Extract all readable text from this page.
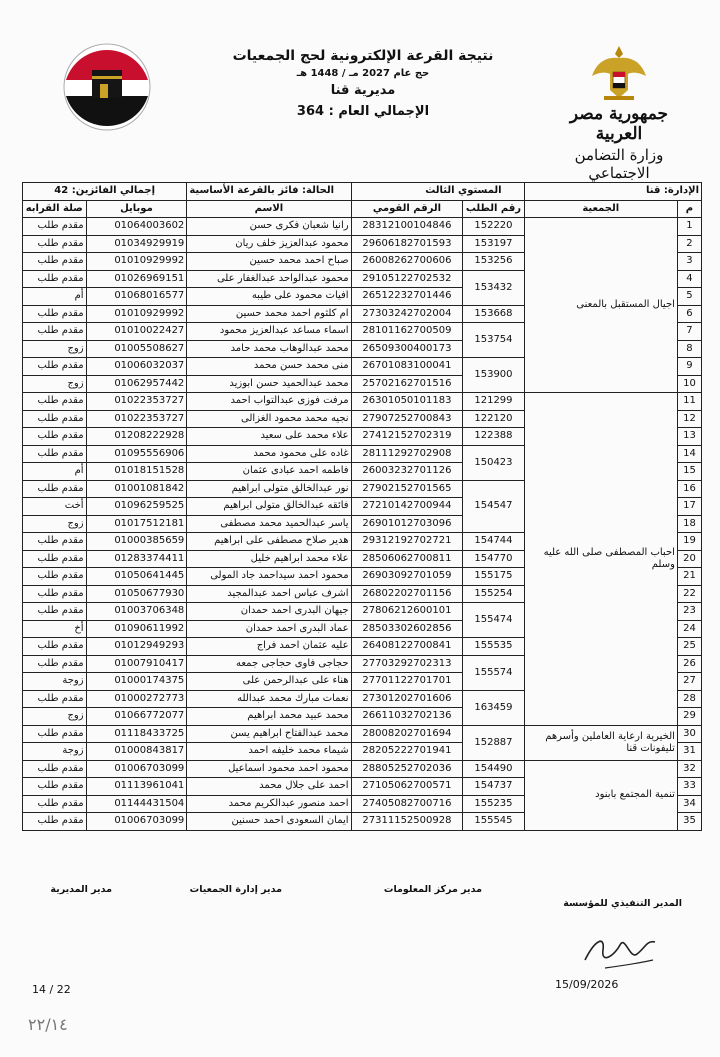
نتيجة القرعة الإلكترونية لحج الجمعيات
حج عام 2027 مـ / 1448 هـ
مديرية قنا
الإجمالي العام : 364	جمهورية مصر العربية
وزارة التضامن الاجتماعي
الإدارة: قنا		المستوي الثالث		الحالة: فائز بالقرعة الأساسية	إجمالي الفائزين: 42	
م	الجمعية	رقم الطلب	الرقم القومي	الاسم	موبايل	صلة القرابه
1	اجيال المستقبل بالمعنى	152220	28312100104846	رانيا شعبان فكرى حسن	01064003602	مقدم طلب
2		153197	29606182701593	محمود عبدالعزيز خلف ريان	01034929919	مقدم طلب
3		153256	26008262700606	صباح احمد محمد حسين	01010929992	مقدم طلب
4		153432	29105122702532	محمود عبدالواحد عبدالغفار على	01026969151	مقدم طلب
5			26512232701446	افيات محمود على طيبه	01068016577	أم
6		153668	27303242702004	ام كلثوم احمد محمد حسين	01010929992	مقدم طلب
7		153754	28101162700509	اسماء مساعد عبدالعزيز محمود	01010022427	مقدم طلب
8			26509300400173	محمد عبدالوهاب محمد حامد	01005508627	زوج
9		153900	26701083100041	منى محمد حسن محمد	01006032037	مقدم طلب
10			25702162701516	محمد عبدالحميد حسن ابوزيد	01062957442	زوج
11	احباب المصطفى صلى الله عليه وسلم	121299	26301050101183	مرفت فوزى عبدالتواب احمد	01022353727	مقدم طلب
12		122120	27907252700843	نجيه محمد محمود الغزالى	01022353727	مقدم طلب
13		122388	27412152702319	علاء محمد على سعيد	01208222928	مقدم طلب
14		150423	28111292702908	غاده على محمود محمد	01095556906	مقدم طلب
15			26003232701126	فاطمه احمد عبادى عثمان	01018151528	أم
16		154547	27902152701565	نور عبدالخالق متولى ابراهيم	01001081842	مقدم طلب
17			27210142700944	فائقه عبدالخالق متولى ابراهيم	01096259525	أخت
18			26901012703096	ياسر عبدالحميد محمد مصطفى	01017512181	زوج
19		154744	29312192702721	هدير صلاح مصطفى على ابراهيم	01000385659	مقدم طلب
20		154770	28506062700811	علاء محمد ابراهيم خليل	01283374411	مقدم طلب
21		155175	26903092701059	محمود احمد سيداحمد جاد المولى	01050641445	مقدم طلب
22		155254	26802202701156	اشرف عباس احمد عبدالمجيد	01050677930	مقدم طلب
23		155474	27806212600101	جيهان البدرى احمد حمدان	01003706348	مقدم طلب
24			28503302602856	عماد البدرى احمد حمدان	01090611992	أخ
25		155535	26408122700841	عليه عثمان احمد فراج	01012949293	مقدم طلب
26		155574	27703292702313	حجاجى فاوى حجاجى جمعه	01007910417	مقدم طلب
27			27701122701701	هناء على عبدالرحمن على	01000174375	زوجة
28		163459	27301202701606	نعمات مبارك محمد عبدالله	01000272773	مقدم طلب
29			26611032702136	محمد عبيد محمد ابراهيم	01066772077	زوج
30	الخيرية ارعاية العاملين وأسرهم تليفونات قنا	152887	28008202701694	محمد عبدالفتاح ابراهيم يسن	01118433725	مقدم طلب
31			28205222701941	شيماء محمد خليفه احمد	01000843817	زوجة
32	تنمية المجتمع بابنود	154490	28805252702036	محمود احمد محمود اسماعيل	01006703099	مقدم طلب
33		154737	27105062700571	احمد على جلال محمد	01113961041	مقدم طلب
34		155235	27405082700716	احمد منصور عبدالكريم محمد	01144431504	مقدم طلب
35		155545	27311152500928	ايمان السعودى احمد حسنين	01006703099	مقدم طلب
مدير مركز المعلومات
مدير إدارة الجمعيات
مدير المديرية
المدير التنفيذي للمؤسسة
15/09/2026
14 / 22
٢٢/١٤
